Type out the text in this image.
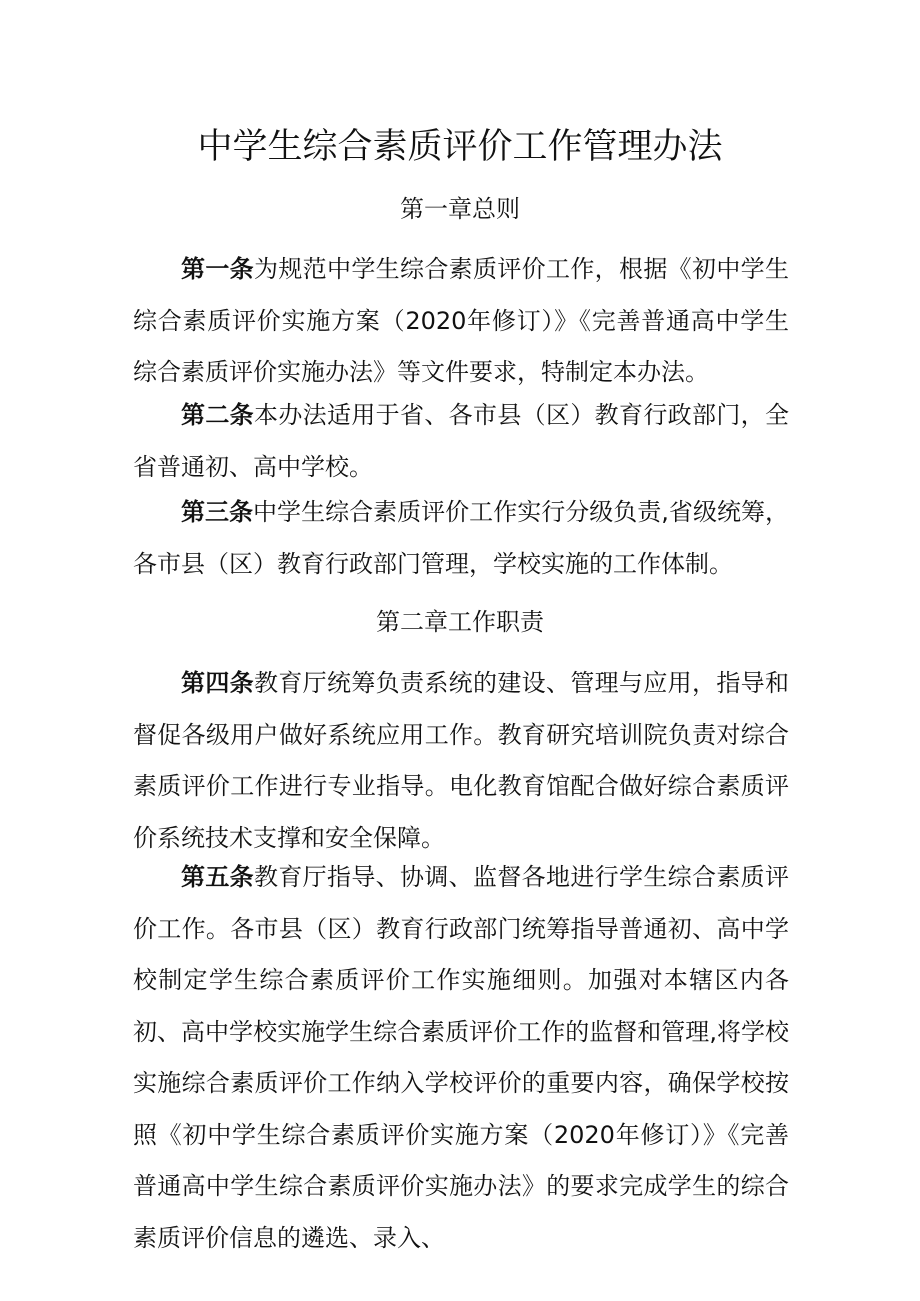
中学生综合素质评价工作管理办法
第一章总则

第一条为规范中学生综合素质评价工作，根据《初中学生综合素质评价实施方案（2020年修订）》《完善普通高中学生综合素质评价实施办法》等文件要求，特制定本办法。

第二条本办法适用于省、各市县（区）教育行政部门，全省普通初、高中学校。

第三条中学生综合素质评价工作实行分级负责,省级统筹，各市县（区）教育行政部门管理，学校实施的工作体制。

第二章工作职责

第四条教育厅统筹负责系统的建设、管理与应用，指导和督促各级用户做好系统应用工作。教育研究培训院负责对综合素质评价工作进行专业指导。电化教育馆配合做好综合素质评价系统技术支撑和安全保障。

第五条教育厅指导、协调、监督各地进行学生综合素质评价工作。各市县（区）教育行政部门统筹指导普通初、高中学校制定学生综合素质评价工作实施细则。加强对本辖区内各初、高中学校实施学生综合素质评价工作的监督和管理,将学校实施综合素质评价工作纳入学校评价的重要内容，确保学校按照《初中学生综合素质评价实施方案（2020年修订）》《完善普通高中学生综合素质评价实施办法》的要求完成学生的综合素质评价信息的遴选、录入、
